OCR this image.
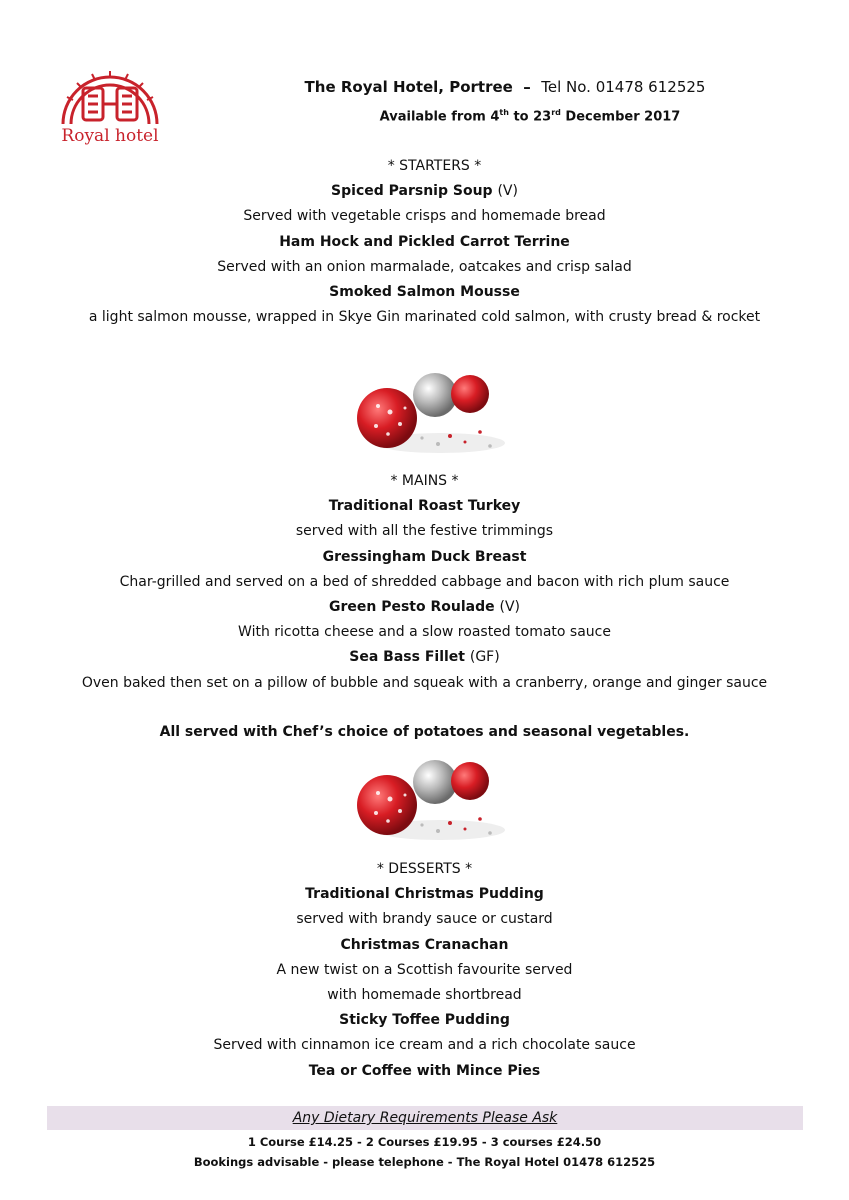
Royal hotel
The Royal Hotel, Portree – Tel No. 01478 612525
Available from 4th to 23rd December 2017
* STARTERS *
Spiced Parsnip Soup (V)
Served with vegetable crisps and homemade bread
Ham Hock and Pickled Carrot Terrine
Served with an onion marmalade, oatcakes and crisp salad
Smoked Salmon Mousse
a light salmon mousse, wrapped in Skye Gin marinated cold salmon, with crusty bread & rocket
* MAINS *
Traditional Roast Turkey
served with all the festive trimmings
Gressingham Duck Breast
Char-grilled and served on a bed of shredded cabbage and bacon with rich plum sauce
Green Pesto Roulade (V)
With ricotta cheese and a slow roasted tomato sauce
Sea Bass Fillet (GF)
Oven baked then set on a pillow of bubble and squeak with a cranberry, orange and ginger sauce
All served with Chef’s choice of potatoes and seasonal vegetables.
* DESSERTS *
Traditional Christmas Pudding
served with brandy sauce or custard
Christmas Cranachan
A new twist on a Scottish favourite served
with homemade shortbread
Sticky Toffee Pudding
Served with cinnamon ice cream and a rich chocolate sauce
Tea or Coffee with Mince Pies
Any Dietary Requirements Please Ask
1 Course £14.25 - 2 Courses £19.95 - 3 courses £24.50
Bookings advisable - please telephone - The Royal Hotel 01478 612525
